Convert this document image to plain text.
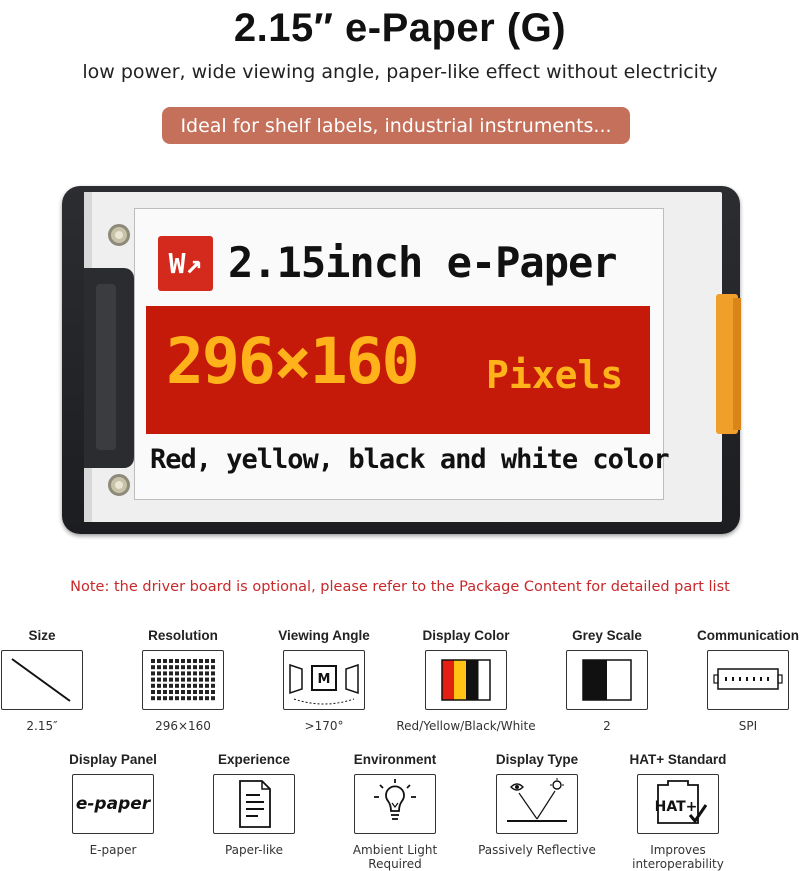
2.15″ e-Paper (G)
low power, wide viewing angle, paper-like effect without electricity
Ideal for shelf labels, industrial instruments...
W↗ 2.15inch e-Paper
296×160 Pixels
Red, yellow, black and white color
Note: the driver board is optional, please refer to the Package Content for detailed part list
Size
2.15″
Resolution
296×160
Viewing Angle
M
>170°
Display Color
Red/Yellow/Black/White
Grey Scale
2
Communication
SPI
Display Panel
e-paper
E-paper
Experience
Paper-like
Environment
Ambient Light Required
Display Type
Passively Reflective
HAT+ Standard
HAT+
Improves interoperability
